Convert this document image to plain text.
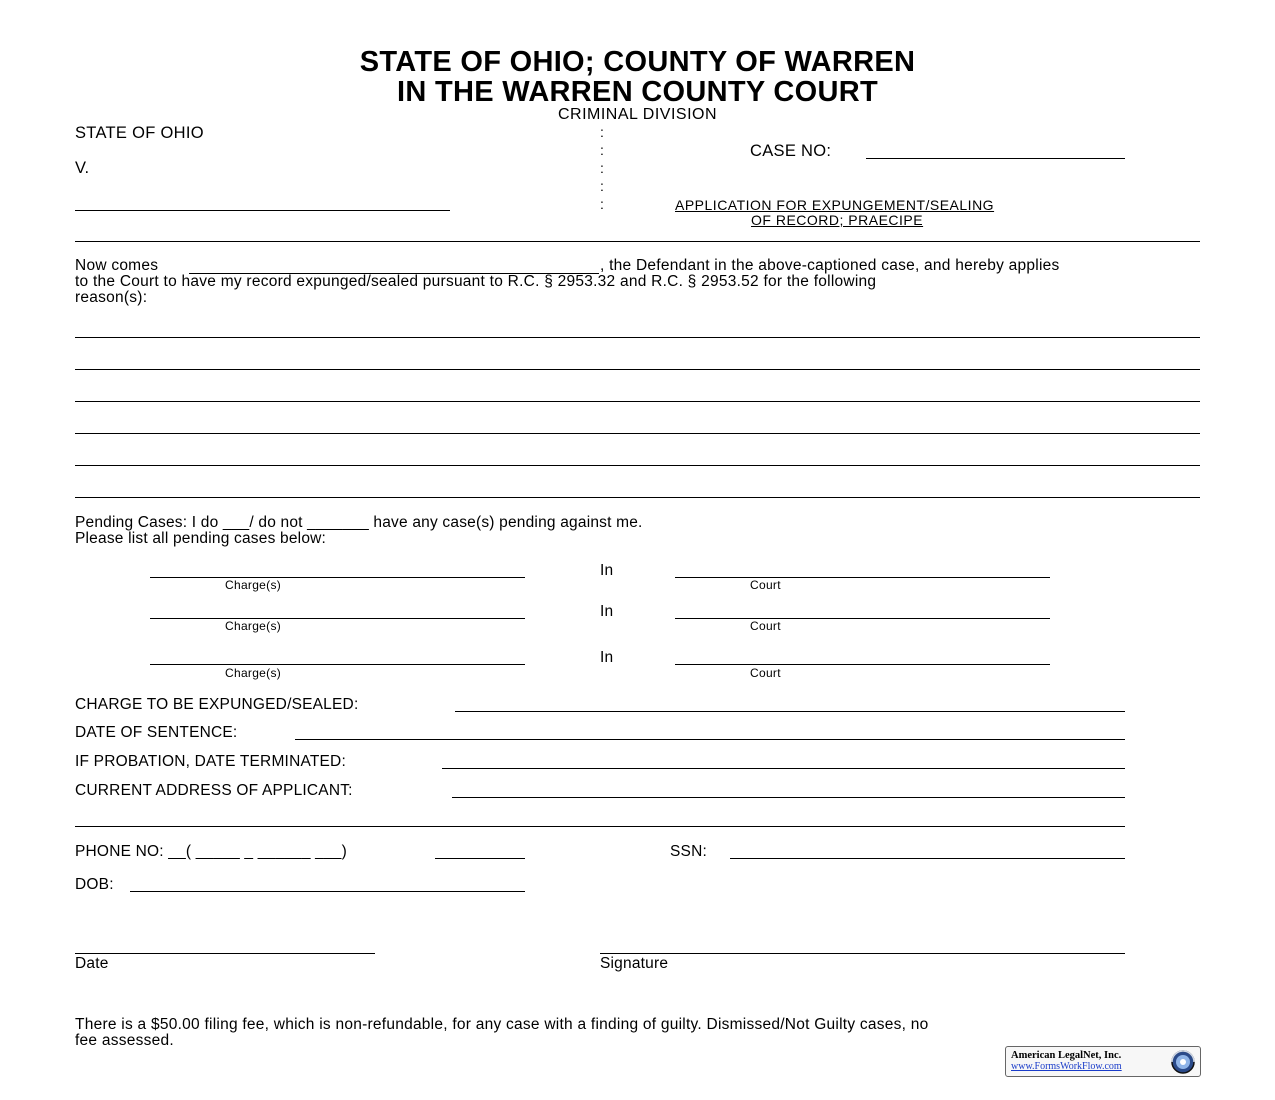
STATE OF OHIO; COUNTY OF WARREN
IN THE WARREN COUNTY COURT
CRIMINAL DIVISION
STATE OF OHIO
V.
:
:
:
:
:
CASE NO:
APPLICATION FOR EXPUNGEMENT/SEALING
OF RECORD; PRAECIPE
Now comes	, the Defendant in the above-captioned case, and hereby applies
to the Court to have my record expunged/sealed pursuant to R.C. § 2953.32 and R.C. § 2953.52 for the following
reason(s):
Pending Cases: I do ___/ do not _______ have any case(s) pending against me.
Please list all pending cases below:
Charge(s)
In
Court
Charge(s)
In
Court
Charge(s)
In
Court
CHARGE TO BE EXPUNGED/SEALED:
DATE OF SENTENCE:
IF PROBATION, DATE TERMINATED:
CURRENT ADDRESS OF APPLICANT:
PHONE NO: __( _____ _ ______ ___)	SSN:
DOB:
Date	Signature
There is a $50.00 filing fee, which is non-refundable, for any case with a finding of guilty. Dismissed/Not Guilty cases, no
fee assessed.
American LegalNet, Inc.
www.FormsWorkFlow.com
